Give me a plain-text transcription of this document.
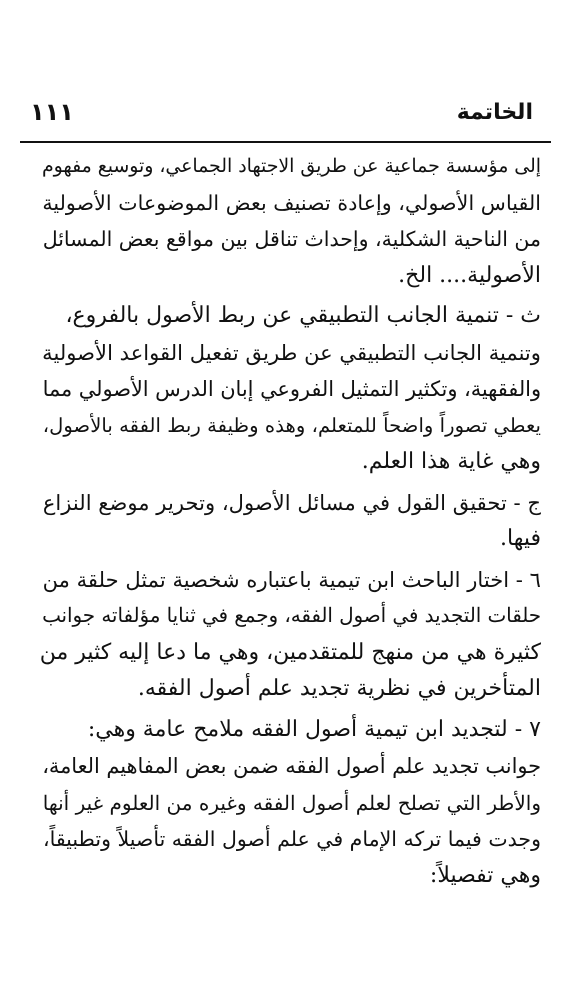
الخاتمة
١١١
إلى مؤسسة جماعية عن طريق الاجتهاد الجماعي، وتوسيع مفهوم
القياس الأصولي، وإعادة تصنيف بعض الموضوعات الأصولية
من الناحية الشكلية، وإحداث تناقل بين مواقع بعض المسائل
الأصولية.... الخ.
ث - تنمية الجانب التطبيقي عن ربط الأصول بالفروع،
وتنمية الجانب التطبيقي عن طريق تفعيل القواعد الأصولية
والفقهية، وتكثير التمثيل الفروعي إبان الدرس الأصولي مما
يعطي تصوراً واضحاً للمتعلم، وهذه وظيفة ربط الفقه بالأصول،
وهي غاية هذا العلم.
ج - تحقيق القول في مسائل الأصول، وتحرير موضع النزاع
فيها.
٦ - اختار الباحث ابن تيمية باعتباره شخصية تمثل حلقة من
حلقات التجديد في أصول الفقه، وجمع في ثنايا مؤلفاته جوانب
كثيرة هي من منهج للمتقدمين، وهي ما دعا إليه كثير من
المتأخرين في نظرية تجديد علم أصول الفقه.
٧ - لتجديد ابن تيمية أصول الفقه ملامح عامة وهي:
جوانب تجديد علم أصول الفقه ضمن بعض المفاهيم العامة،
والأطر التي تصلح لعلم أصول الفقه وغيره من العلوم غير أنها
وجدت فيما تركه الإمام في علم أصول الفقه تأصيلاً وتطبيقاً،
وهي تفصيلاً:
